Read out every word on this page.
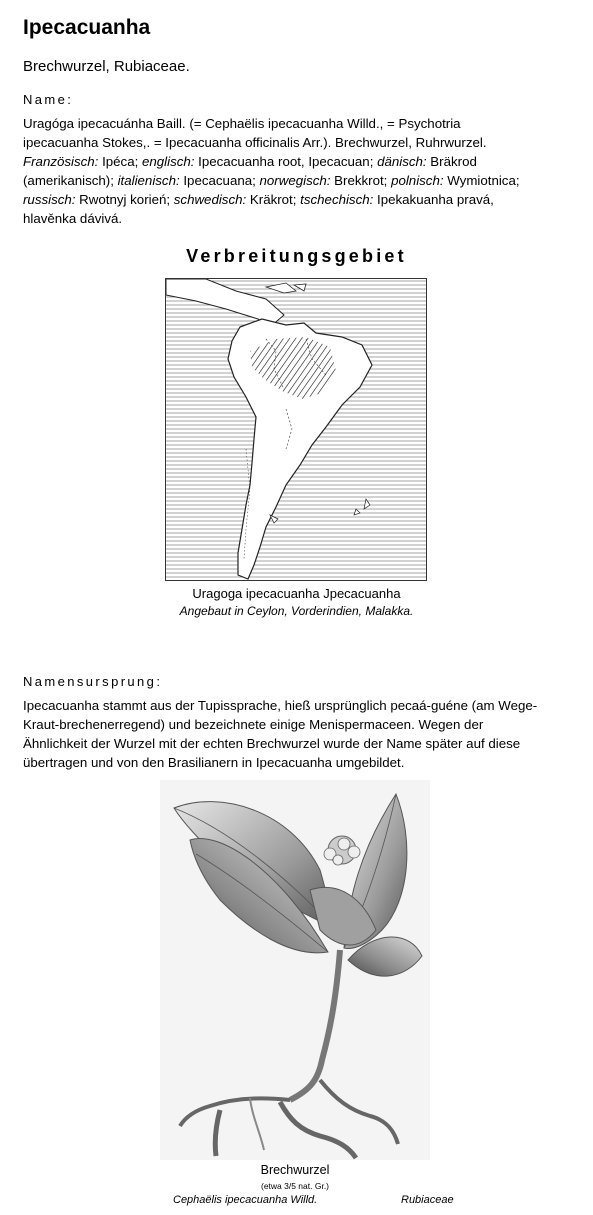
Ipecacuanha
Brechwurzel, Rubiaceae.
Name:
Uragóga ipecacuánha Baill. (= Cephaëlis ipecacuanha Willd., = Psychotria
ipecacuanha Stokes,. = Ipecacuanha officinalis Arr.). Brechwurzel, Ruhrwurzel.
Französisch: Ipéca; englisch: Ipecacuanha root, Ipecacuan; dänisch: Bräkrod
(amerikanisch); italienisch: Ipecacuana; norwegisch: Brekkrot; polnisch: Wymiotnica;
russisch: Rwotnyj korień; schwedisch: Kräkrot; tschechisch: Ipekakuanha pravá,
hlavěnka dávivá.
Verbreitungsgebiet
Uragoga ipecacuanha Jpecacuanha
Angebaut in Ceylon, Vorderindien, Malakka.
Namensursprung:
Ipecacuanha stammt aus der Tupissprache, hieß ursprünglich pecaá-guéne (am Wege-
Kraut-brechenerregend) und bezeichnete einige Menispermaceen. Wegen der
Ähnlichkeit der Wurzel mit der echten Brechwurzel wurde der Name später auf diese
übertragen und von den Brasilianern in Ipecacuanha umgebildet.
Brechwurzel
(etwa 3/5 nat. Gr.)
Cephaëlis ipecacuanha Willd.	Rubiaceae
